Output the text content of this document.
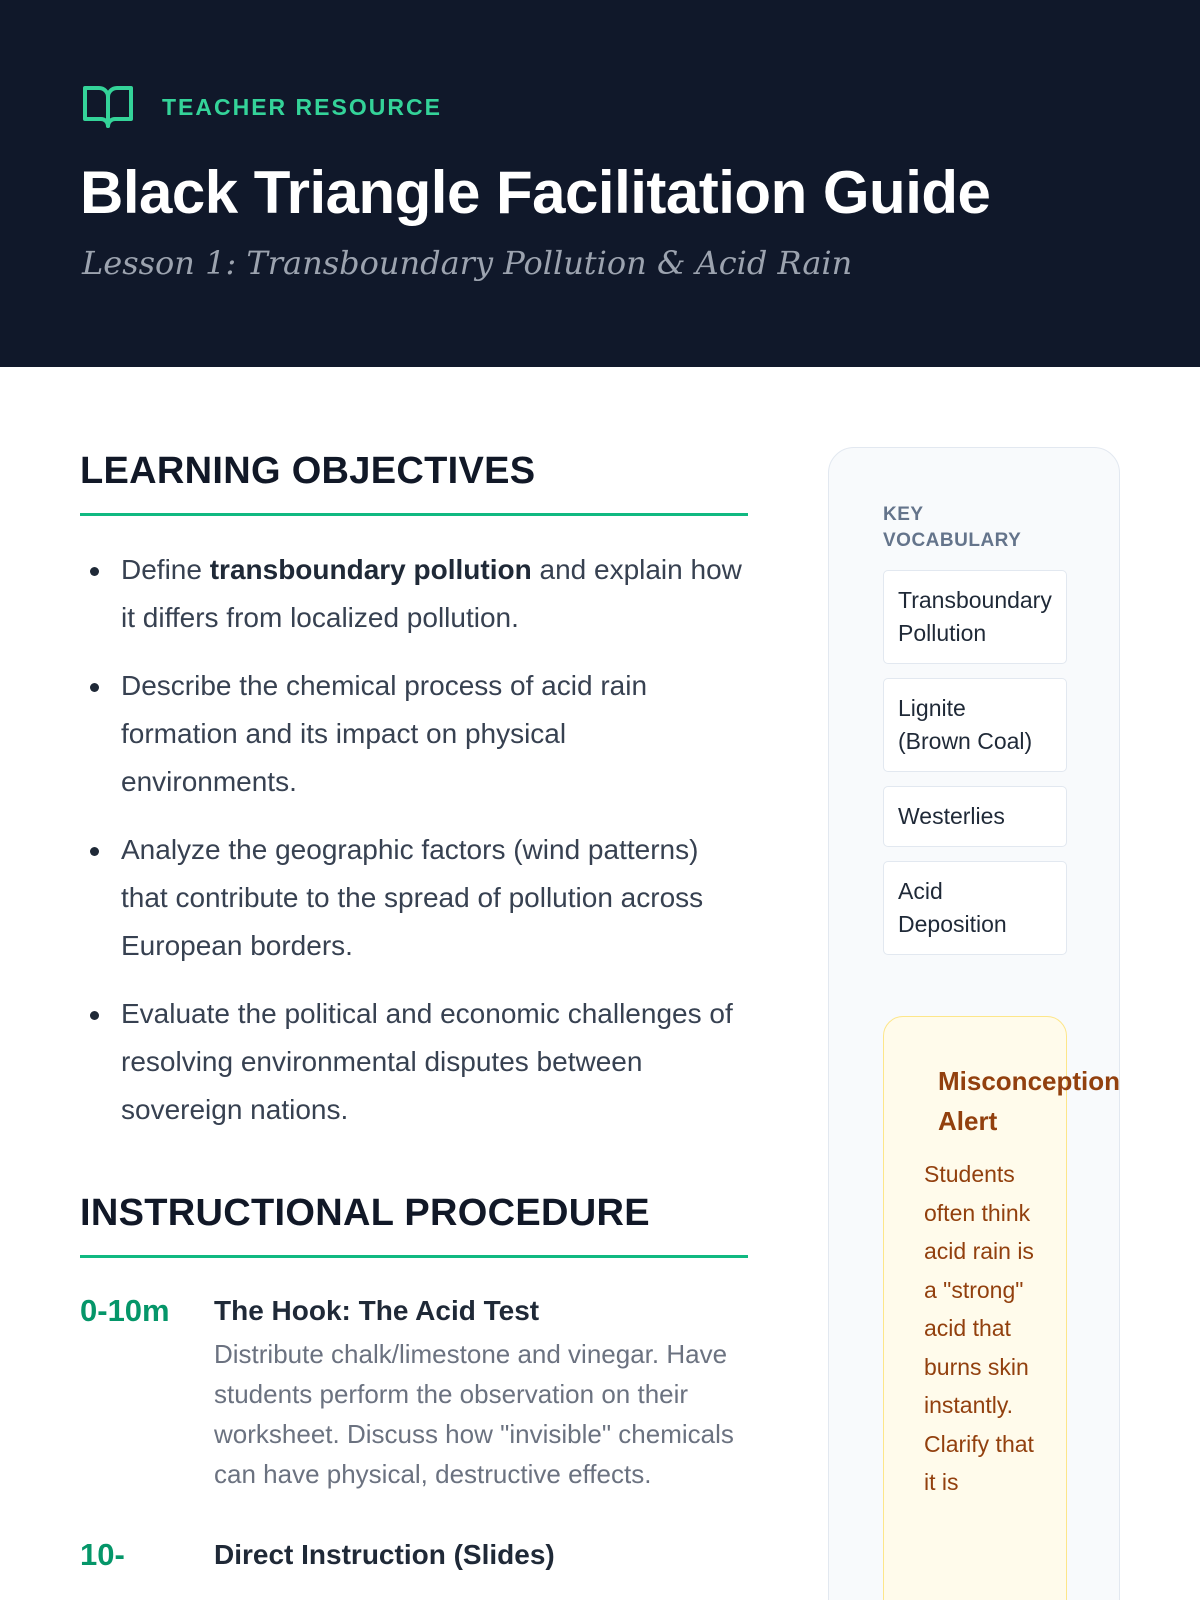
TEACHER RESOURCE
Black Triangle Facilitation Guide
Lesson 1: Transboundary Pollution & Acid Rain
LEARNING OBJECTIVES
Define transboundary pollution and explain how it differs from localized pollution.
Describe the chemical process of acid rain formation and its impact on physical environments.
Analyze the geographic factors (wind patterns) that contribute to the spread of pollution across European borders.
Evaluate the political and economic challenges of resolving environmental disputes between sovereign nations.
INSTRUCTIONAL PROCEDURE
0-10m	The Hook: The Acid Test
Distribute chalk/limestone and vinegar. Have students perform the observation on their worksheet. Discuss how "invisible" chemicals can have physical, destructive effects.
10-	Direct Instruction (Slides)
KEY
VOCABULARY
Transboundary
Pollution
Lignite
(Brown Coal)
Westerlies
Acid
Deposition
Misconception
Alert
Students often think acid rain is a "strong" acid that burns skin instantly. Clarify that it is
